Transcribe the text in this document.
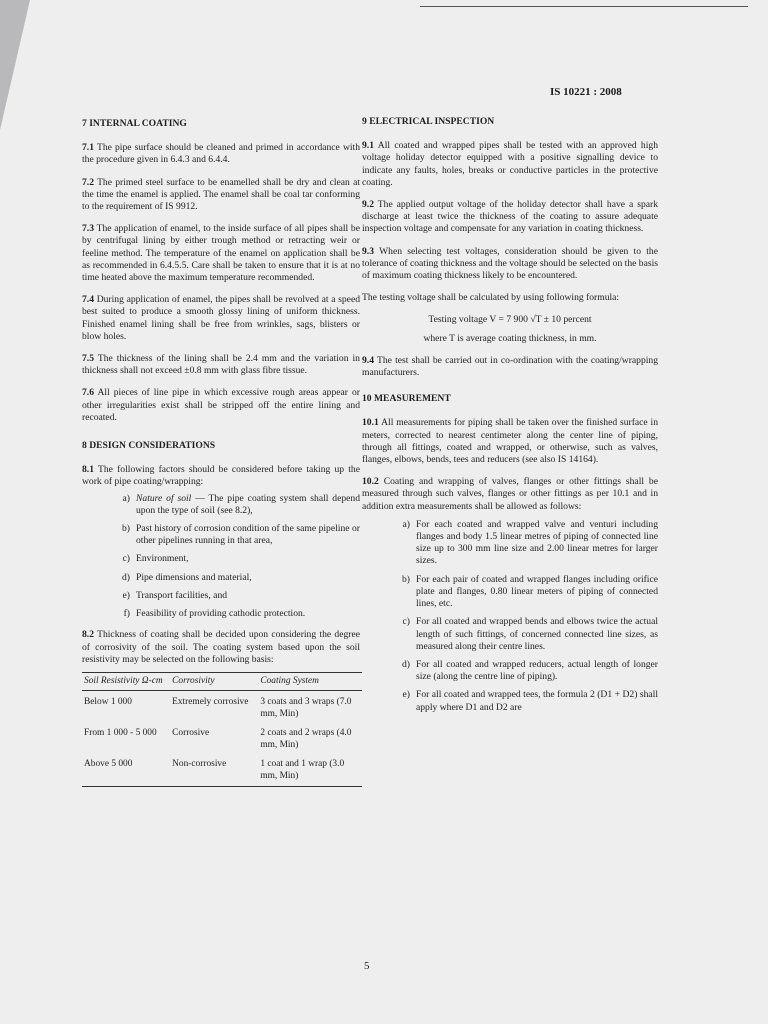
IS 10221 : 2008
7 INTERNAL COATING

7.1 The pipe surface should be cleaned and primed in accordance with the procedure given in 6.4.3 and 6.4.4.

7.2 The primed steel surface to be enamelled shall be dry and clean at the time the enamel is applied. The enamel shall be coal tar conforming to the requirement of IS 9912.

7.3 The application of enamel, to the inside surface of all pipes shall be by centrifugal lining by either trough method or retracting weir or feeline method. The temperature of the enamel on application shall be as recommended in 6.4.5.5. Care shall be taken to ensure that it is at no time heated above the maximum temperature recommended.

7.4 During application of enamel, the pipes shall be revolved at a speed best suited to produce a smooth glossy lining of uniform thickness. Finished enamel lining shall be free from wrinkles, sags, blisters or blow holes.

7.5 The thickness of the lining shall be 2.4 mm and the variation in thickness shall not exceed ±0.8 mm with glass fibre tissue.

7.6 All pieces of line pipe in which excessive rough areas appear or other irregularities exist shall be stripped off the entire lining and recoated.

8 DESIGN CONSIDERATIONS

8.1 The following factors should be considered before taking up the work of pipe coating/wrapping:

a) Nature of soil — The pipe coating system shall depend upon the type of soil (see 8.2),
b) Past history of corrosion condition of the same pipeline or other pipelines running in that area,
c) Environment,
d) Pipe dimensions and material,
e) Transport facilities, and
f) Feasibility of providing cathodic protection.

8.2 Thickness of coating shall be decided upon considering the degree of corrosivity of the soil. The coating system based upon the soil resistivity may be selected on the following basis:

Soil Resistivity Ω-cm	Corrosivity	Coating System
Below 1 000	Extremely corrosive	3 coats and 3 wraps (7.0 mm, Min)
From 1 000 - 5 000	Corrosive	2 coats and 2 wraps (4.0 mm, Min)
Above 5 000	Non-corrosive	1 coat and 1 wrap (3.0 mm, Min)
9 ELECTRICAL INSPECTION

9.1 All coated and wrapped pipes shall be tested with an approved high voltage holiday detector equipped with a positive signalling device to indicate any faults, holes, breaks or conductive particles in the protective coating.

9.2 The applied output voltage of the holiday detector shall have a spark discharge at least twice the thickness of the coating to assure adequate inspection voltage and compensate for any variation in coating thickness.

9.3 When selecting test voltages, consideration should be given to the tolerance of coating thickness and the voltage should be selected on the basis of maximum coating thickness likely to be encountered.

The testing voltage shall be calculated by using following formula:

Testing voltage V = 7 900 √T ± 10 percent
where T is average coating thickness, in mm.

9.4 The test shall be carried out in co-ordination with the coating/wrapping manufacturers.

10 MEASUREMENT

10.1 All measurements for piping shall be taken over the finished surface in meters, corrected to nearest centimeter along the center line of piping, through all fittings, coated and wrapped, or otherwise, such as valves, flanges, elbows, bends, tees and reducers (see also IS 14164).

10.2 Coating and wrapping of valves, flanges or other fittings shall be measured through such valves, flanges or other fittings as per 10.1 and in addition extra measurements shall be allowed as follows:

a) For each coated and wrapped valve and venturi including flanges and body 1.5 linear metres of piping of connected line size up to 300 mm line size and 2.00 linear metres for larger sizes.
b) For each pair of coated and wrapped flanges including orifice plate and flanges, 0.80 linear meters of piping of connected lines, etc.
c) For all coated and wrapped bends and elbows twice the actual length of such fittings, of concerned connected line sizes, as measured along their centre lines.
d) For all coated and wrapped reducers, actual length of longer size (along the centre line of piping).
e) For all coated and wrapped tees, the formula 2 (D1 + D2) shall apply where D1 and D2 are
5
